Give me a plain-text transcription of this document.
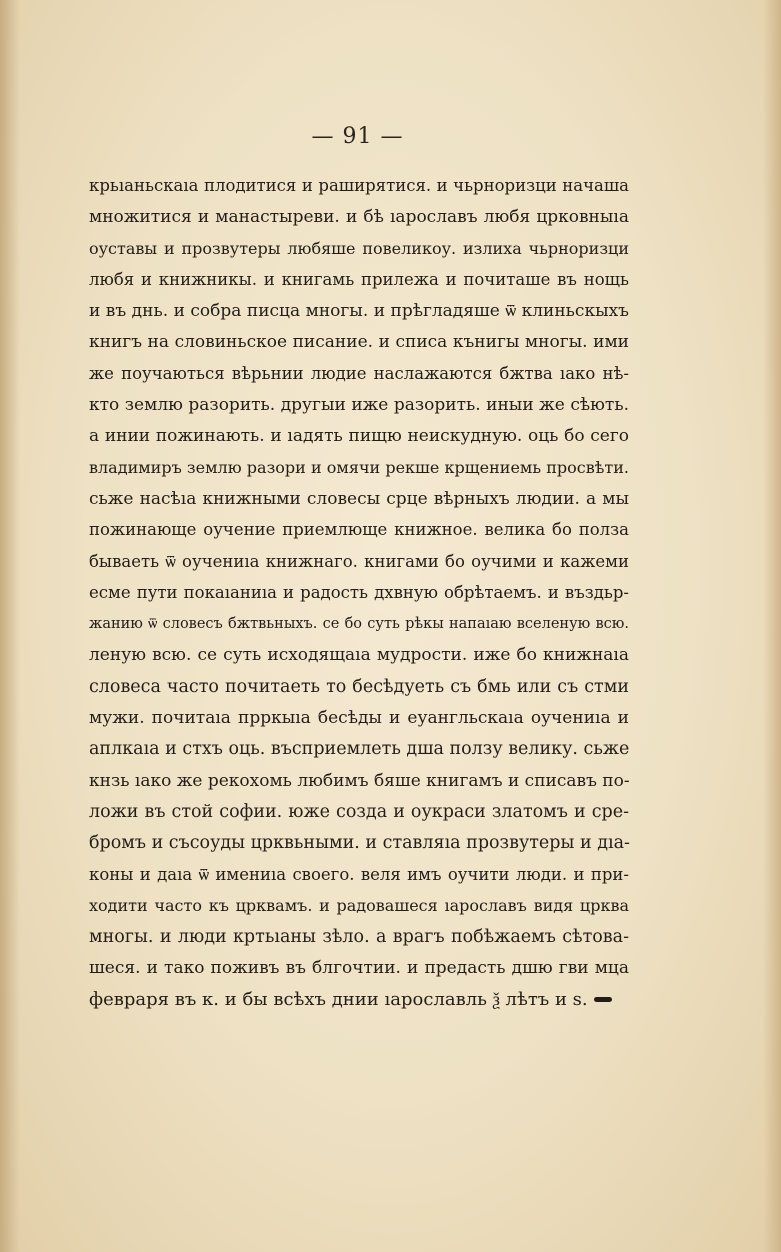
— 91 —
крьıаньскаıа плодитися и раширятися. и чьрноризци начаша
множитися и манастыреви. и бѣ ıарославъ любя црковныıа
оуставы и прозвутеры любяше повеликоу. излиха чьрноризци
любя и книжникы. и книгамь прилежа и почиташе въ нощь
и въ днь. и собра писца многы. и прѣгладяше ѿ клиньскыхъ
книгъ на словиньское писание. и списа кънигы многы. ими
же поучаються вѣрьнии людие наслажаются бжтва ıако нѣ-
кто землю разорить. другыи иже разорить. иныи же сѣють.
а инии пожинають. и ıадять пищю неискудную. оць бо сего
владимиръ землю разори и омячи рекше крщениемь просвѣти.
сьже насѣıа книжными словесы срце вѣрныхъ людии. а мы
пожинающе оучение приемлюще книжное. велика бо полза
бываеть ѿ оучениıа книжнаго. книгами бо оучими и кажеми
есме пути покаıаниıа и радость дхвную обрѣтаемъ. и въздьр-
жанию ѿ словесъ бжтвьныхъ. се бо суть рѣкы напаıаю вселеную всю.
леную всю. се суть исходящаıа мудрости. иже бо книжнаıа
словеса часто почитаеть то бесѣдуеть съ бмь или съ стми
мужи. почитаıа прркыıа бесѣды и еуангльскаıа оучениıа и
аплкаıа и стхъ оць. въсприемлеть дша ползу велику. сьже
кнзь ıако же рекохомь любимъ бяше книгамъ и списавъ по-
ложи въ стой софии. юже созда и оукраси златомъ и сре-
бромъ и съсоуды црквьными. и ставляıа прозвутеры и дıа-
коны и даıа ѿ имениıа своего. веля имъ оучити люди. и при-
ходити часто къ црквамъ. и радовашеся ıарославъ видя црква
многы. и люди кртьıаны зѣло. а врагъ побѣжаемъ сѣтова-
шеся. и тако поживъ въ блгочтии. и предасть дшю гви мца
февраря въ к. и бы всѣхъ днии ıарославль ѯ лѣтъ и ѕ.
